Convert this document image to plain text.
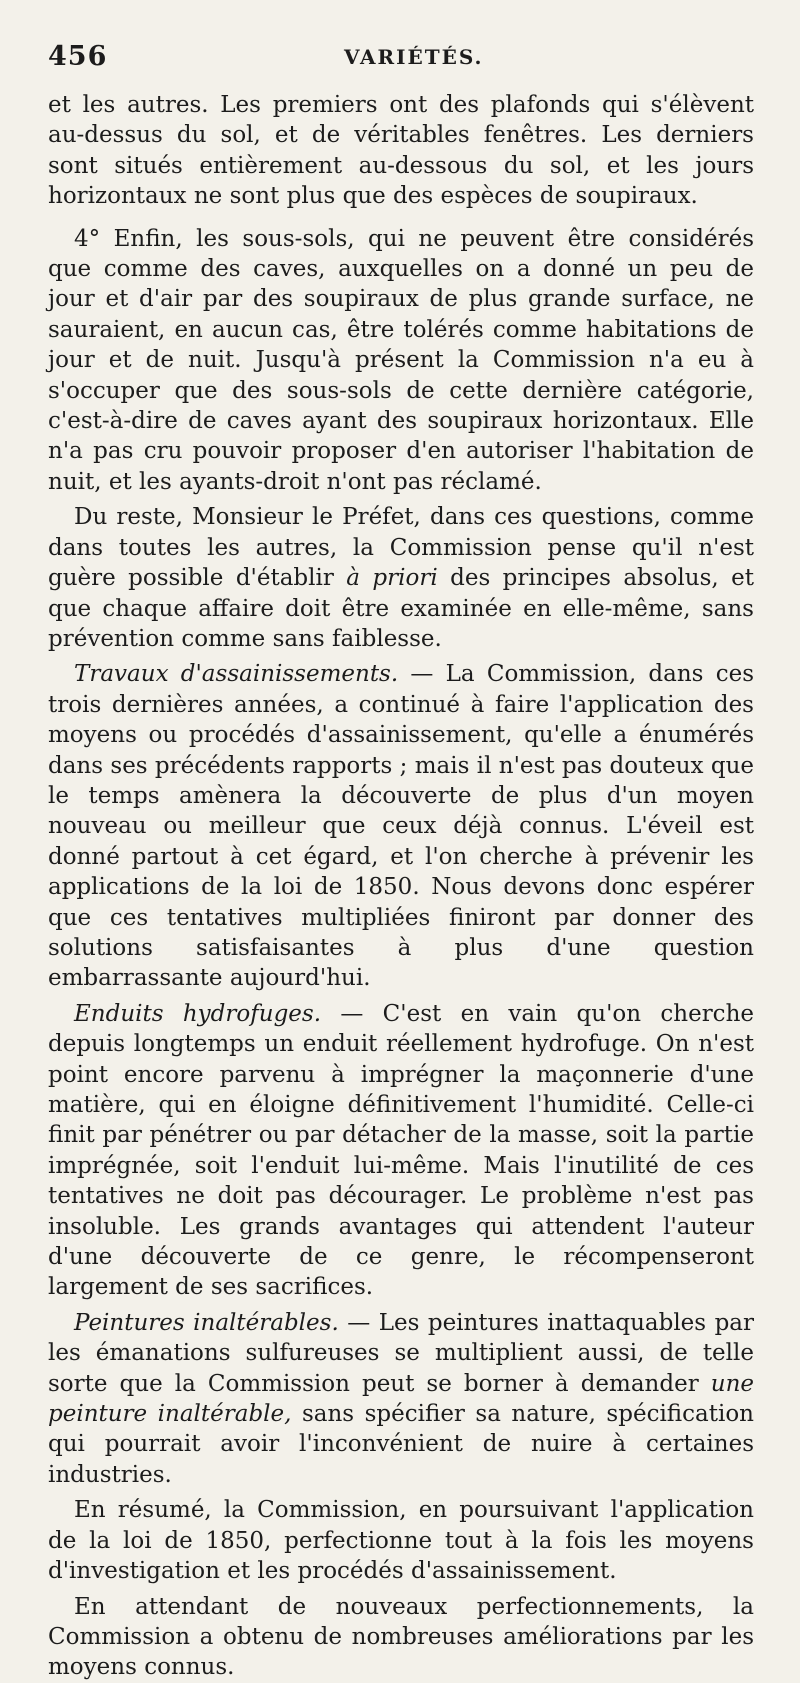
456	VARIÉTÉS.

et les autres. Les premiers ont des plafonds qui s'élèvent au-dessus du sol, et de véritables fenêtres. Les derniers sont situés entièrement au-dessous du sol, et les jours horizontaux ne sont plus que des espèces de soupiraux.

4° Enfin, les sous-sols, qui ne peuvent être considérés que comme des caves, auxquelles on a donné un peu de jour et d'air par des soupiraux de plus grande surface, ne sauraient, en aucun cas, être tolérés comme habitations de jour et de nuit. Jusqu'à présent la Commission n'a eu à s'occuper que des sous-sols de cette dernière catégorie, c'est-à-dire de caves ayant des soupiraux horizontaux. Elle n'a pas cru pouvoir proposer d'en autoriser l'habitation de nuit, et les ayants-droit n'ont pas réclamé.

Du reste, Monsieur le Préfet, dans ces questions, comme dans toutes les autres, la Commission pense qu'il n'est guère possible d'établir à priori des principes absolus, et que chaque affaire doit être examinée en elle-même, sans prévention comme sans faiblesse.

Travaux d'assainissements. — La Commission, dans ces trois dernières années, a continué à faire l'application des moyens ou procédés d'assainissement, qu'elle a énumérés dans ses précédents rapports ; mais il n'est pas douteux que le temps amènera la découverte de plus d'un moyen nouveau ou meilleur que ceux déjà connus. L'éveil est donné partout à cet égard, et l'on cherche à prévenir les applications de la loi de 1850. Nous devons donc espérer que ces tentatives multipliées finiront par donner des solutions satisfaisantes à plus d'une question embarrassante aujourd'hui.

Enduits hydrofuges. — C'est en vain qu'on cherche depuis longtemps un enduit réellement hydrofuge. On n'est point encore parvenu à imprégner la maçonnerie d'une matière, qui en éloigne définitivement l'humidité. Celle-ci finit par pénétrer ou par détacher de la masse, soit la partie imprégnée, soit l'enduit lui-même. Mais l'inutilité de ces tentatives ne doit pas décourager. Le problème n'est pas insoluble. Les grands avantages qui attendent l'auteur d'une découverte de ce genre, le récompenseront largement de ses sacrifices.

Peintures inaltérables. — Les peintures inattaquables par les émanations sulfureuses se multiplient aussi, de telle sorte que la Commission peut se borner à demander une peinture inaltérable, sans spécifier sa nature, spécification qui pourrait avoir l'inconvénient de nuire à certaines industries.

En résumé, la Commission, en poursuivant l'application de la loi de 1850, perfectionne tout à la fois les moyens d'investigation et les procédés d'assainissement.

En attendant de nouveaux perfectionnements, la Commission a obtenu de nombreuses améliorations par les moyens connus.
